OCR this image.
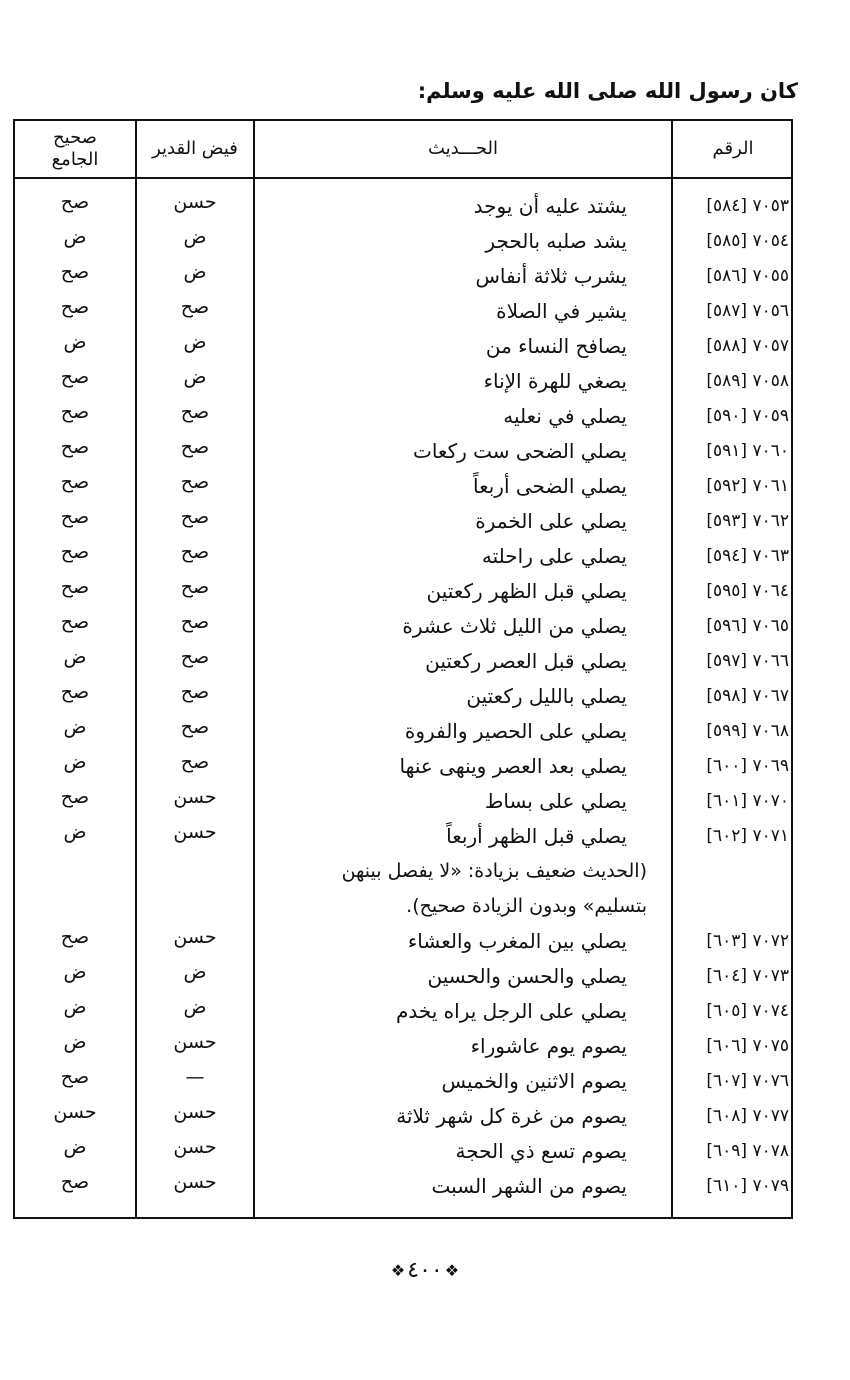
كان رسول الله صلى الله عليه وسلم:
الرقم
الحـــديث
فيض القدير
صحيح
الجامع
٧٠٥٣ [٥٨٤]
يشتد عليه أن يوجد
حسن
صح
٧٠٥٤ [٥٨٥]
يشد صلبه بالحجر
ض
ض
٧٠٥٥ [٥٨٦]
يشرب ثلاثة أنفاس
ض
صح
٧٠٥٦ [٥٨٧]
يشير في الصلاة
صح
صح
٧٠٥٧ [٥٨٨]
يصافح النساء من
ض
ض
٧٠٥٨ [٥٨٩]
يصغي للهرة الإناء
ض
صح
٧٠٥٩ [٥٩٠]
يصلي في نعليه
صح
صح
٧٠٦٠ [٥٩١]
يصلي الضحى ست ركعات
صح
صح
٧٠٦١ [٥٩٢]
يصلي الضحى أربعاً
صح
صح
٧٠٦٢ [٥٩٣]
يصلي على الخمرة
صح
صح
٧٠٦٣ [٥٩٤]
يصلي على راحلته
صح
صح
٧٠٦٤ [٥٩٥]
يصلي قبل الظهر ركعتين
صح
صح
٧٠٦٥ [٥٩٦]
يصلي من الليل ثلاث عشرة
صح
صح
٧٠٦٦ [٥٩٧]
يصلي قبل العصر ركعتين
صح
ض
٧٠٦٧ [٥٩٨]
يصلي بالليل ركعتين
صح
صح
٧٠٦٨ [٥٩٩]
يصلي على الحصير والفروة
صح
ض
٧٠٦٩ [٦٠٠]
يصلي بعد العصر وينهى عنها
صح
ض
٧٠٧٠ [٦٠١]
يصلي على بساط
حسن
صح
٧٠٧١ [٦٠٢]
يصلي قبل الظهر أربعاً
حسن
ض
(الحديث ضعيف بزيادة: «لا يفصل بينهن
بتسليم» وبدون الزيادة صحيح).
٧٠٧٢ [٦٠٣]
يصلي بين المغرب والعشاء
حسن
صح
٧٠٧٣ [٦٠٤]
يصلي والحسن والحسين
ض
ض
٧٠٧٤ [٦٠٥]
يصلي على الرجل يراه يخدم
ض
ض
٧٠٧٥ [٦٠٦]
يصوم يوم عاشوراء
حسن
ض
٧٠٧٦ [٦٠٧]
يصوم الاثنين والخميس
—
صح
٧٠٧٧ [٦٠٨]
يصوم من غرة كل شهر ثلاثة
حسن
حسن
٧٠٧٨ [٦٠٩]
يصوم تسع ذي الحجة
حسن
ض
٧٠٧٩ [٦١٠]
يصوم من الشهر السبت
حسن
صح
❖٤٠٠❖
